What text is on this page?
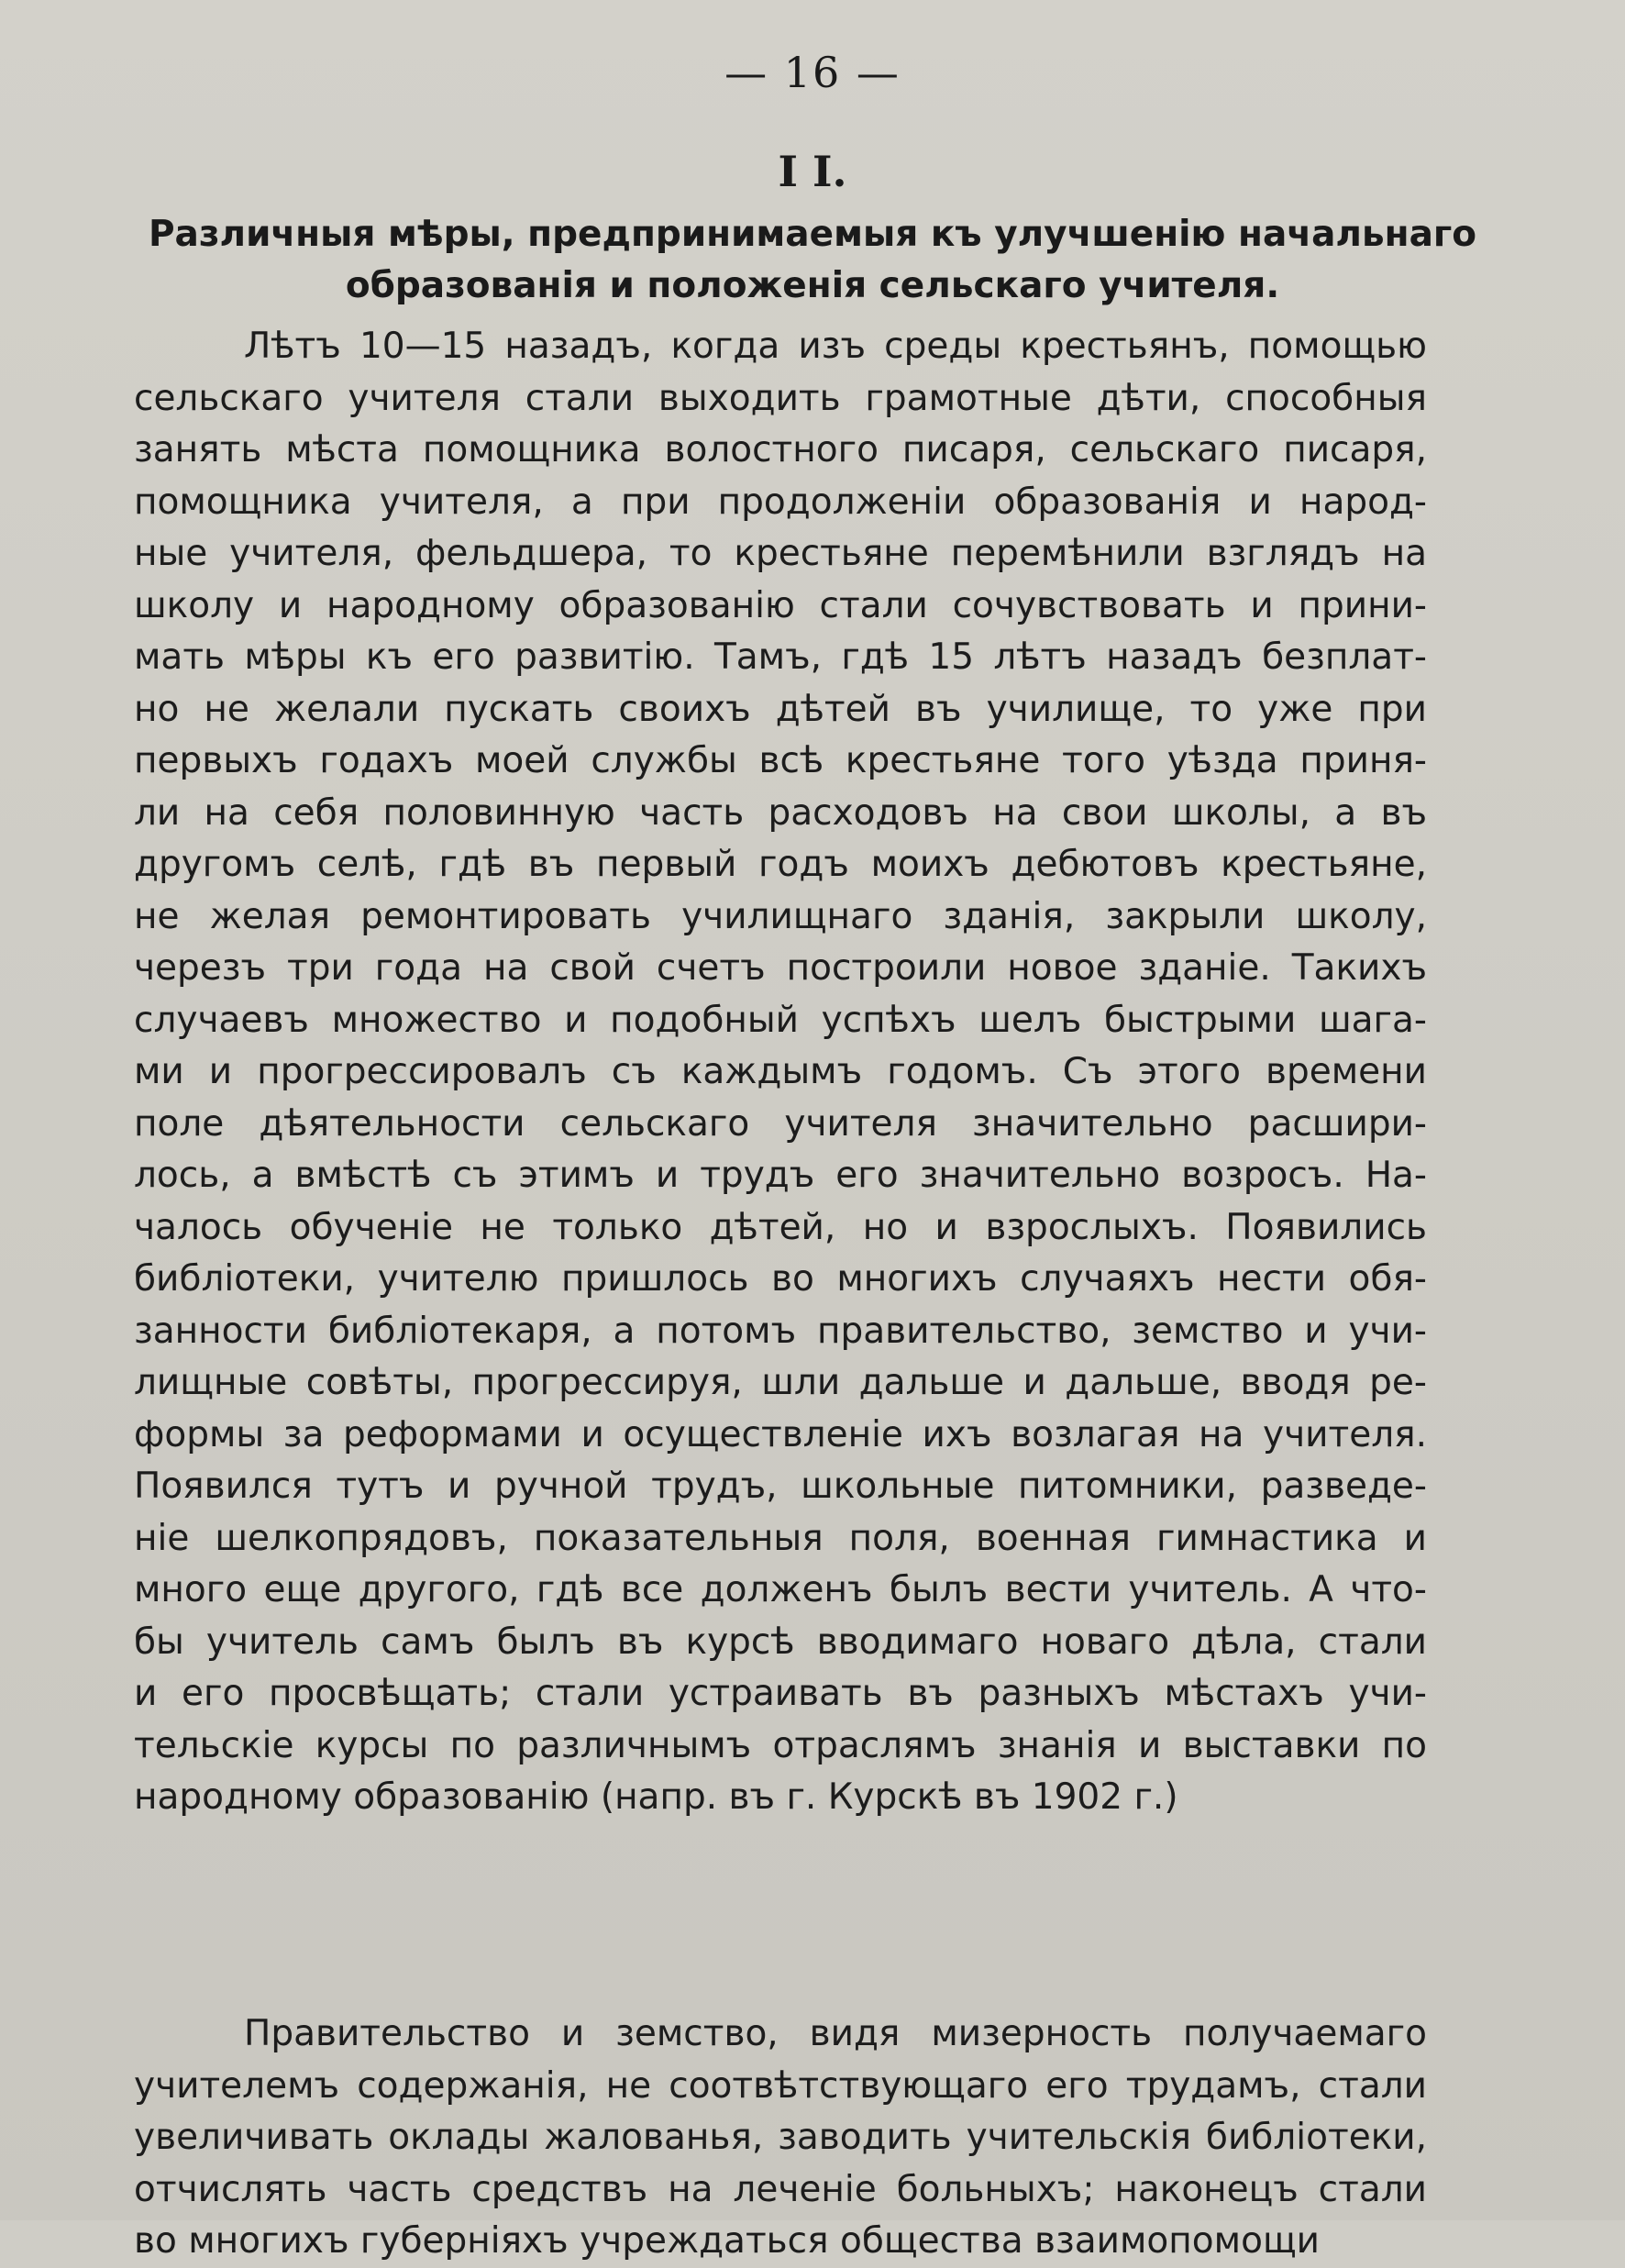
— 16 —
I I.
Различныя мѣры, предпринимаемыя къ улучшенію начальнаго
образованія и положенія сельскаго учителя.
Лѣтъ 10—15 назадъ, когда изъ среды крестьянъ, помощью
сельскаго учителя стали выходить грамотные дѣти, способныя
занять мѣста помощника волостного писаря, сельскаго писаря,
помощника учителя, а при продолженіи образованія и народ-
ные учителя, фельдшера, то крестьяне перемѣнили взглядъ на
школу и народному образованію стали сочувствовать и прини-
мать мѣры къ его развитію. Тамъ, гдѣ 15 лѣтъ назадъ безплат-
но не желали пускать своихъ дѣтей въ училище, то уже при
первыхъ годахъ моей службы всѣ крестьяне того уѣзда приня-
ли на себя половинную часть расходовъ на свои школы, а въ
другомъ селѣ, гдѣ въ первый годъ моихъ дебютовъ крестьяне,
не желая ремонтировать училищнаго зданія, закрыли школу,
черезъ три года на свой счетъ построили новое зданіе. Такихъ
случаевъ множество и подобный успѣхъ шелъ быстрыми шага-
ми и прогрессировалъ съ каждымъ годомъ. Съ этого времени
поле дѣятельности сельскаго учителя значительно расшири-
лось, а вмѣстѣ съ этимъ и трудъ его значительно возросъ. На-
чалось обученіе не только дѣтей, но и взрослыхъ. Появились
библіотеки, учителю пришлось во многихъ случаяхъ нести обя-
занности библіотекаря, а потомъ правительство, земство и учи-
лищные совѣты, прогрессируя, шли дальше и дальше, вводя ре-
формы за реформами и осуществленіе ихъ возлагая на учителя.
Появился тутъ и ручной трудъ, школьные питомники, разведе-
ніе шелкопрядовъ, показательныя поля, военная гимнастика и
много еще другого, гдѣ все долженъ былъ вести учитель. А что-
бы учитель самъ былъ въ курсѣ вводимаго новаго дѣла, стали
и его просвѣщать; стали устраивать въ разныхъ мѣстахъ учи-
тельскіе курсы по различнымъ отраслямъ знанія и выставки по
народному образованію (напр. въ г. Курскѣ въ 1902 г.)
Правительство и земство, видя мизерность получаемаго
учителемъ содержанія, не соотвѣтствующаго его трудамъ, стали
увеличивать оклады жалованья, заводить учительскія библіотеки,
отчислять часть средствъ на леченіе больныхъ; наконецъ стали
во многихъ губерніяхъ учреждаться общества взаимопомощи
